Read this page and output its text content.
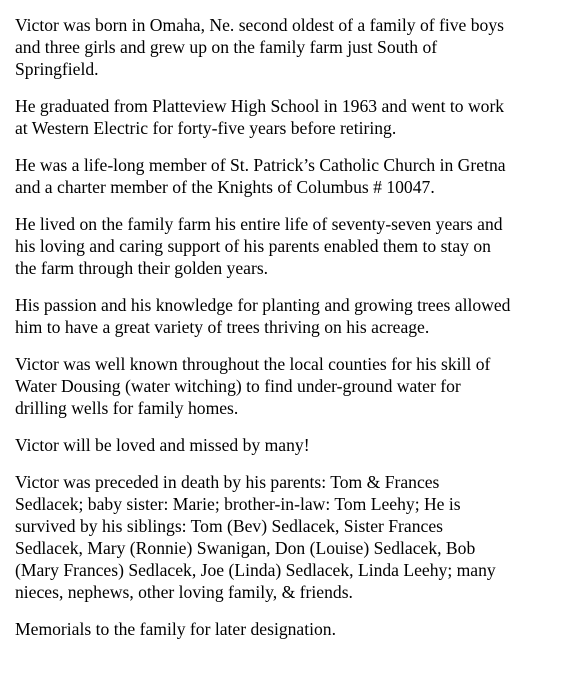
Victor was born in Omaha, Ne. second oldest of a family of five boys
and three girls and grew up on the family farm just South of
Springfield.

He graduated from Platteview High School in 1963 and went to work
at Western Electric for forty-five years before retiring.

He was a life-long member of St. Patrick’s Catholic Church in Gretna
and a charter member of the Knights of Columbus # 10047.

He lived on the family farm his entire life of seventy-seven years and
his loving and caring support of his parents enabled them to stay on
the farm through their golden years.

His passion and his knowledge for planting and growing trees allowed
him to have a great variety of trees thriving on his acreage.

Victor was well known throughout the local counties for his skill of
Water Dousing (water witching) to find under-ground water for
drilling wells for family homes.

Victor will be loved and missed by many!

Victor was preceded in death by his parents: Tom & Frances
Sedlacek; baby sister: Marie; brother-in-law: Tom Leehy; He is
survived by his siblings: Tom (Bev) Sedlacek, Sister Frances
Sedlacek, Mary (Ronnie) Swanigan, Don (Louise) Sedlacek, Bob
(Mary Frances) Sedlacek, Joe (Linda) Sedlacek, Linda Leehy; many
nieces, nephews, other loving family, & friends.

Memorials to the family for later designation.
